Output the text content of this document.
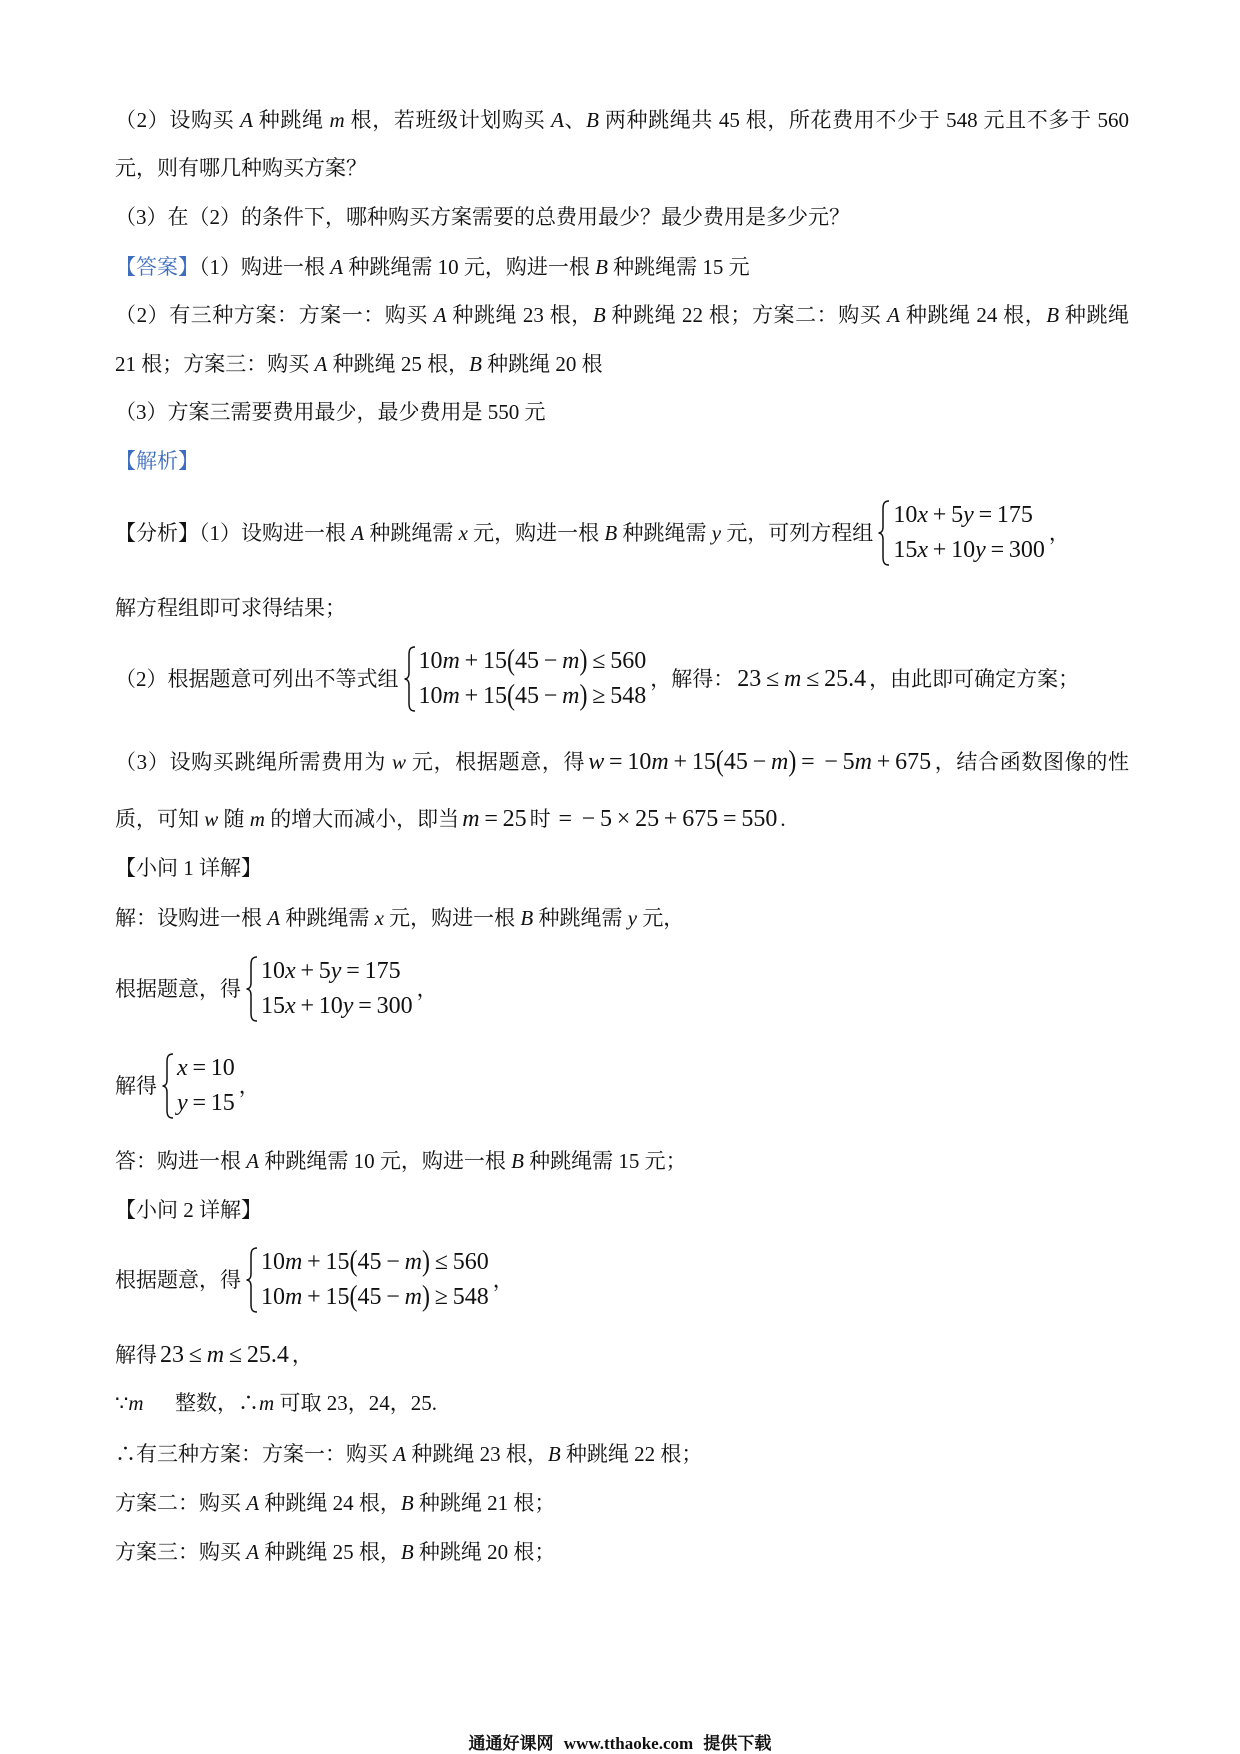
（2）设购买 A 种跳绳 m 根，若班级计划购买 A、B 两种跳绳共 45 根，所花费用不少于 548 元且不多于 560
元，则有哪几种购买方案？
（3）在（2）的条件下，哪种购买方案需要的总费用最少？最少费用是多少元？
【答案】（1）购进一根 A 种跳绳需 10 元，购进一根 B 种跳绳需 15 元
（2）有三种方案：方案一：购买 A 种跳绳 23 根，B 种跳绳 22 根；方案二：购买 A 种跳绳 24 根，B 种跳绳
21 根；方案三：购买 A 种跳绳 25 根，B 种跳绳 20 根
（3）方案三需要费用最少，最少费用是 550 元
【解析】
【分析】（1）设购进一根 A 种跳绳需 x 元，购进一根 B 种跳绳需 y 元，可列方程组
10x + 5y = 175
15x + 10y = 300
，
解方程组即可求得结果；
（2）根据题意可列出不等式组
10m + 15(45 − m) ≤ 560
10m + 15(45 − m) ≥ 548
，解得： 23 ≤ m ≤ 25.4 ，由此即可确定方案；
（3）设购买跳绳所需费用为 w 元，根据题意，得 w = 10m + 15(45 − m) = − 5m + 675 ，结合函数图像的性
质，可知 w 随 m 的增大而减小，即当 m = 25 时 = − 5 × 25 + 675 = 550 .
【小问 1 详解】
解：设购进一根 A 种跳绳需 x 元，购进一根 B 种跳绳需 y 元，
根据题意，得
10x + 5y = 175
15x + 10y = 300
，
解得
x = 10
y = 15
，
答：购进一根 A 种跳绳需 10 元，购进一根 B 种跳绳需 15 元；
【小问 2 详解】
根据题意，得
10m + 15(45 − m) ≤ 560
10m + 15(45 − m) ≥ 548
，
解得 23 ≤ m ≤ 25.4 ，
∵m 　 整数，∴m 可取 23，24，25.
∴有三种方案：方案一：购买 A 种跳绳 23 根，B 种跳绳 22 根；
方案二：购买 A 种跳绳 24 根，B 种跳绳 21 根；
方案三：购买 A 种跳绳 25 根，B 种跳绳 20 根；
通通好课网 www.tthaoke.com 提供下载
